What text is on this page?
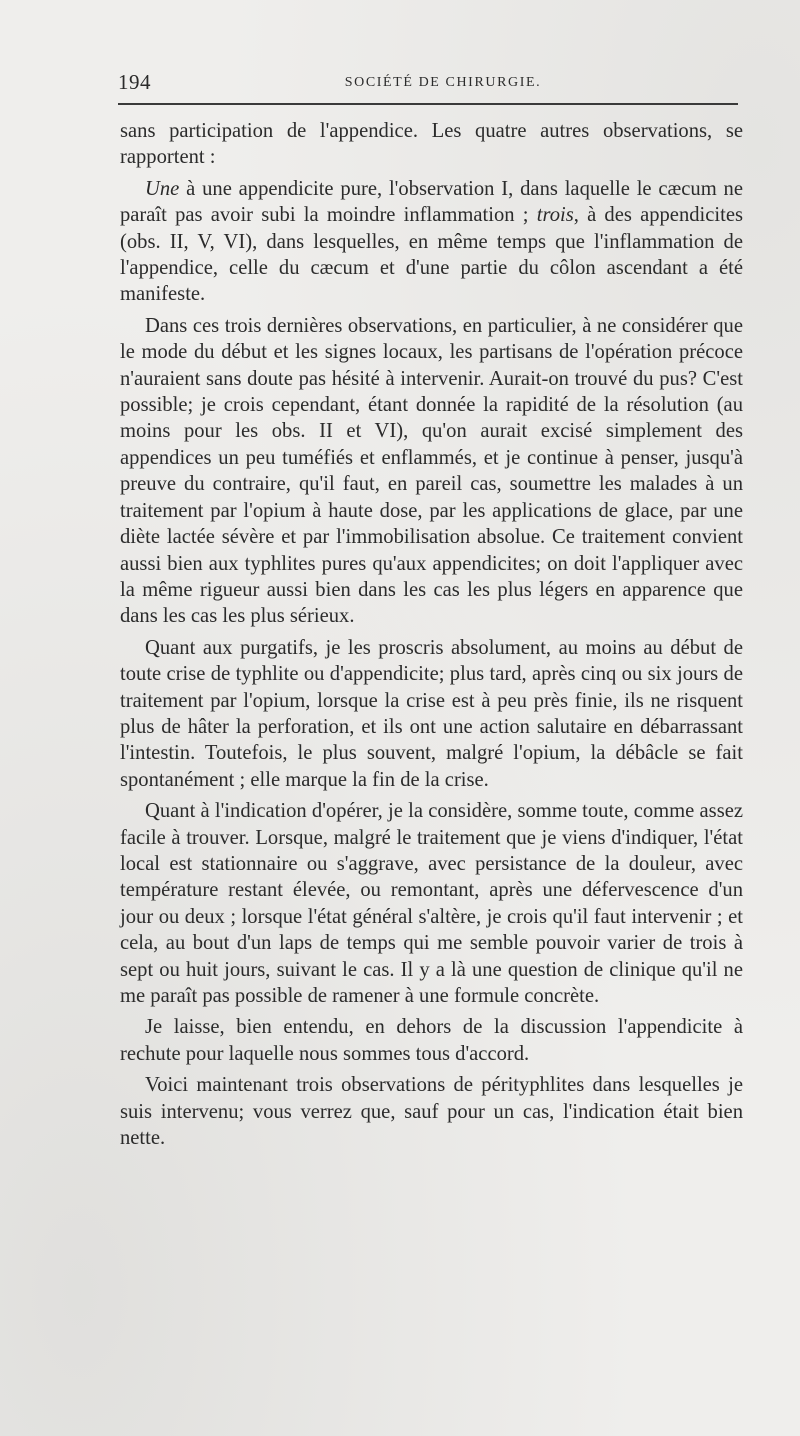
194	SOCIÉTÉ DE CHIRURGIE.

sans participation de l'appendice. Les quatre autres observations, se rapportent :

Une à une appendicite pure, l'observation I, dans laquelle le cæcum ne paraît pas avoir subi la moindre inflammation ; trois, à des appendicites (obs. II, V, VI), dans lesquelles, en même temps que l'inflammation de l'appendice, celle du cæcum et d'une partie du côlon ascendant a été manifeste.

Dans ces trois dernières observations, en particulier, à ne considérer que le mode du début et les signes locaux, les partisans de l'opération précoce n'auraient sans doute pas hésité à intervenir. Aurait-on trouvé du pus? C'est possible; je crois cependant, étant donnée la rapidité de la résolution (au moins pour les obs. II et VI), qu'on aurait excisé simplement des appendices un peu tuméfiés et enflammés, et je continue à penser, jusqu'à preuve du contraire, qu'il faut, en pareil cas, soumettre les malades à un traitement par l'opium à haute dose, par les applications de glace, par une diète lactée sévère et par l'immobilisation absolue. Ce traitement convient aussi bien aux typhlites pures qu'aux appendicites; on doit l'appliquer avec la même rigueur aussi bien dans les cas les plus légers en apparence que dans les cas les plus sérieux.

Quant aux purgatifs, je les proscris absolument, au moins au début de toute crise de typhlite ou d'appendicite; plus tard, après cinq ou six jours de traitement par l'opium, lorsque la crise est à peu près finie, ils ne risquent plus de hâter la perforation, et ils ont une action salutaire en débarrassant l'intestin. Toutefois, le plus souvent, malgré l'opium, la débâcle se fait spontanément ; elle marque la fin de la crise.

Quant à l'indication d'opérer, je la considère, somme toute, comme assez facile à trouver. Lorsque, malgré le traitement que je viens d'indiquer, l'état local est stationnaire ou s'aggrave, avec persistance de la douleur, avec température restant élevée, ou remontant, après une défervescence d'un jour ou deux ; lorsque l'état général s'altère, je crois qu'il faut intervenir ; et cela, au bout d'un laps de temps qui me semble pouvoir varier de trois à sept ou huit jours, suivant le cas. Il y a là une question de clinique qu'il ne me paraît pas possible de ramener à une formule concrète.

Je laisse, bien entendu, en dehors de la discussion l'appendicite à rechute pour laquelle nous sommes tous d'accord.

Voici maintenant trois observations de pérityphlites dans lesquelles je suis intervenu; vous verrez que, sauf pour un cas, l'indication était bien nette.
